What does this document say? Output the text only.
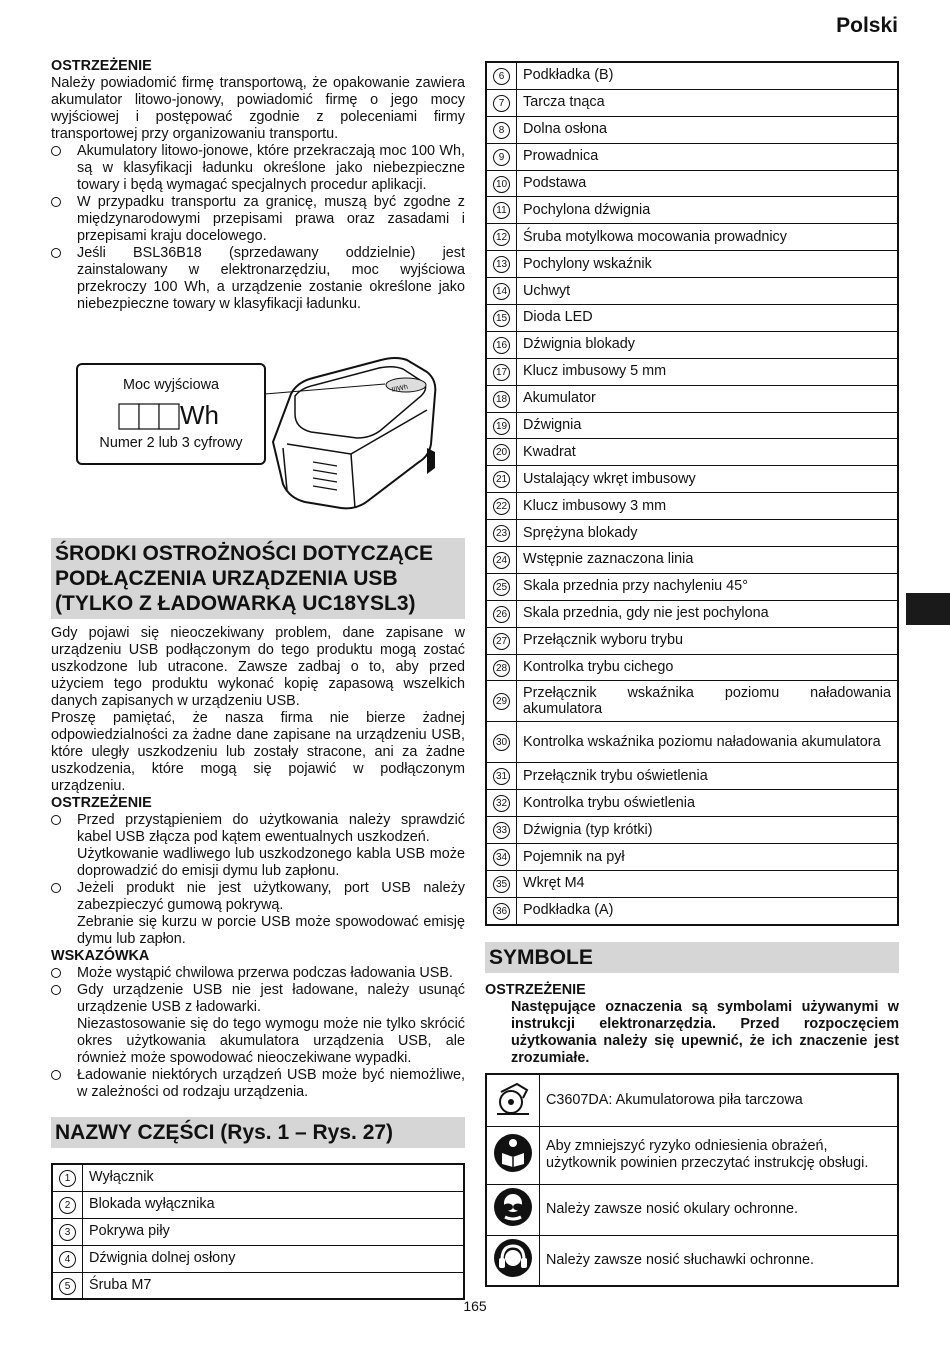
Polski
OSTRZEŻENIE

Należy powiadomić firmę transportową, że opakowanie zawiera akumulator litowo-jonowy, powiadomić firmę o jego mocy wyjściowej i postępować zgodnie z poleceniami firmy transportowej przy organizowaniu transportu.

Akumulatory litowo-jonowe, które przekraczają moc 100 Wh, są w klasyfikacji ładunku określone jako niebezpieczne towary i będą wymagać specjalnych procedur aplikacji.

W przypadku transportu za granicę, muszą być zgodne z międzynarodowymi przepisami prawa oraz zasadami i przepisami kraju docelowego.

Jeśli BSL36B18 (sprzedawany oddzielnie) jest zainstalowany w elektronarzędziu, moc wyjściowa przekroczy 100 Wh, a urządzenie zostanie określone jako niebezpieczne towary w klasyfikacji ładunku.

IIIWh
Moc wyjściowa
Wh
Numer 2 lub 3 cyfrowy
ŚRODKI OSTROŻNOŚCI DOTYCZĄCE PODŁĄCZENIA URZĄDZENIA USB (TYLKO Z ŁADOWARKĄ UC18YSL3)

Gdy pojawi się nieoczekiwany problem, dane zapisane w urządzeniu USB podłączonym do tego produktu mogą zostać uszkodzone lub utracone. Zawsze zadbaj o to, aby przed użyciem tego produktu wykonać kopię zapasową wszelkich danych zapisanych w urządzeniu USB.

Proszę pamiętać, że nasza firma nie bierze żadnej odpowiedzialności za żadne dane zapisane na urządzeniu USB, które uległy uszkodzeniu lub zostały stracone, ani za żadne uszkodzenia, które mogą się pojawić w podłączonym urządzeniu.

OSTRZEŻENIE

Przed przystąpieniem do użytkowania należy sprawdzić kabel USB złącza pod kątem ewentualnych uszkodzeń.

Użytkowanie wadliwego lub uszkodzonego kabla USB może doprowadzić do emisji dymu lub zapłonu.

Jeżeli produkt nie jest użytkowany, port USB należy zabezpieczyć gumową pokrywą.

Zebranie się kurzu w porcie USB może spowodować emisję dymu lub zapłon.

WSKAZÓWKA

Może wystąpić chwilowa przerwa podczas ładowania USB.

Gdy urządzenie USB nie jest ładowane, należy usunąć urządzenie USB z ładowarki.

Niezastosowanie się do tego wymogu może nie tylko skrócić okres użytkowania akumulatora urządzenia USB, ale również może spowodować nieoczekiwane wypadki.

Ładowanie niektórych urządzeń USB może być niemożliwe, w zależności od rodzaju urządzenia.

NAZWY CZĘŚCI (Rys. 1 – Rys. 27)
1	Wyłącznik
2	Blokada wyłącznika
3	Pokrywa piły
4	Dźwignia dolnej osłony
5	Śruba M7
6	Podkładka (B)
7	Tarcza tnąca
8	Dolna osłona
9	Prowadnica
10	Podstawa
11	Pochylona dźwignia
12	Śruba motylkowa mocowania prowadnicy
13	Pochylony wskaźnik
14	Uchwyt
15	Dioda LED
16	Dźwignia blokady
17	Klucz imbusowy 5 mm
18	Akumulator
19	Dźwignia
20	Kwadrat
21	Ustalający wkręt imbusowy
22	Klucz imbusowy 3 mm
23	Sprężyna blokady
24	Wstępnie zaznaczona linia
25	Skala przednia przy nachyleniu 45°
26	Skala przednia, gdy nie jest pochylona
27	Przełącznik wyboru trybu
28	Kontrolka trybu cichego
29	Przełącznik wskaźnika poziomu naładowania akumulatora
30	Kontrolka wskaźnika poziomu naładowania akumulatora
31	Przełącznik trybu oświetlenia
32	Kontrolka trybu oświetlenia
33	Dźwignia (typ krótki)
34	Pojemnik na pył
35	Wkręt M4
36	Podkładka (A)
SYMBOLE
OSTRZEŻENIE

Następujące oznaczenia są symbolami używanymi w instrukcji elektronarzędzia. Przed rozpoczęciem użytkowania należy się upewnić, że ich znaczenie jest zrozumiałe.

	C3607DA: Akumulatorowa piła tarczowa
	Aby zmniejszyć ryzyko odniesienia obrażeń, użytkownik powinien przeczytać instrukcję obsługi.
	Należy zawsze nosić okulary ochronne.
	Należy zawsze nosić słuchawki ochronne.
165
